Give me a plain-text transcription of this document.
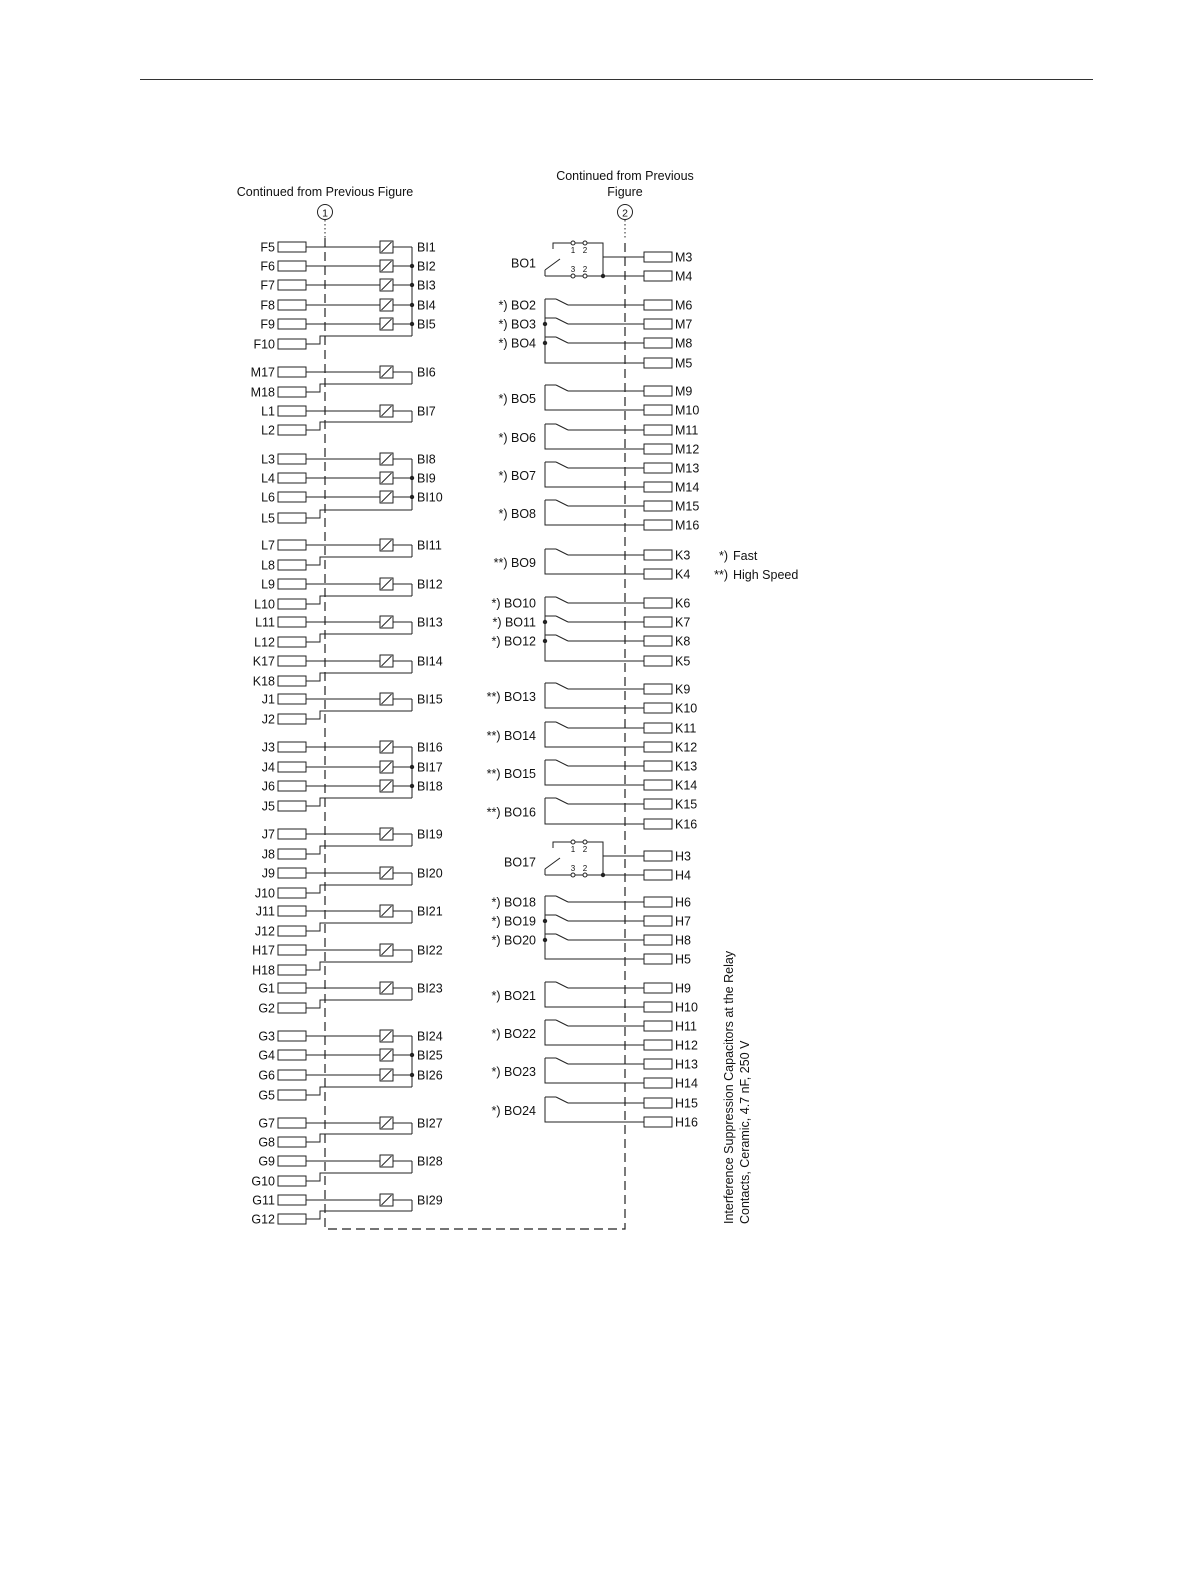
Continued from Previous Figure
Continued from Previous
Figure
1	2
F5	BI1
F6	BI2
F7	BI3
F8	BI4
F9	BI5
F10
M17	BI6
M18
L1	BI7
L2
L3	BI8
L4	BI9
L6	BI10
L5
L7	BI11
L8
L9	BI12
L10
L11	BI13
L12
K17	BI14
K18
J1	BI15
J2
J3	BI16
J4	BI17
J6	BI18
J5
J7	BI19
J8
J9	BI20
J10
J11	BI21
J12
H17	BI22
H18
G1	BI23
G2
G3	BI24
G4	BI25
G6	BI26
G5
G7	BI27
G8
G9	BI28
G10
G11	BI29
G12
BO1
1 2
3 2
M3
M4
*) BO2	M6
*) BO3	M7
*) BO4	M8
M5
*) BO5
M9
M10
*) BO6
M11
M12
*) BO7
M13
M14
*) BO8
M15
M16
**) BO9
K3
K4
*) BO10	K6
*) BO11	K7
*) BO12	K8
K5
**) BO13
K9
K10
**) BO14
K11
K12
**) BO15
K13
K14
**) BO16
K15
K16
BO17
1 2
3 2
H3
H4
*) BO18	H6
*) BO19	H7
*) BO20	H8
H5
*) BO21
H9
H10
*) BO22
H11
H12
*) BO23
H13
H14
*) BO24
H15
H16
*) Fast
**) High Speed
Interference Suppression Capacitors at the Relay Contacts, Ceramic, 4.7 nF, 250 V
